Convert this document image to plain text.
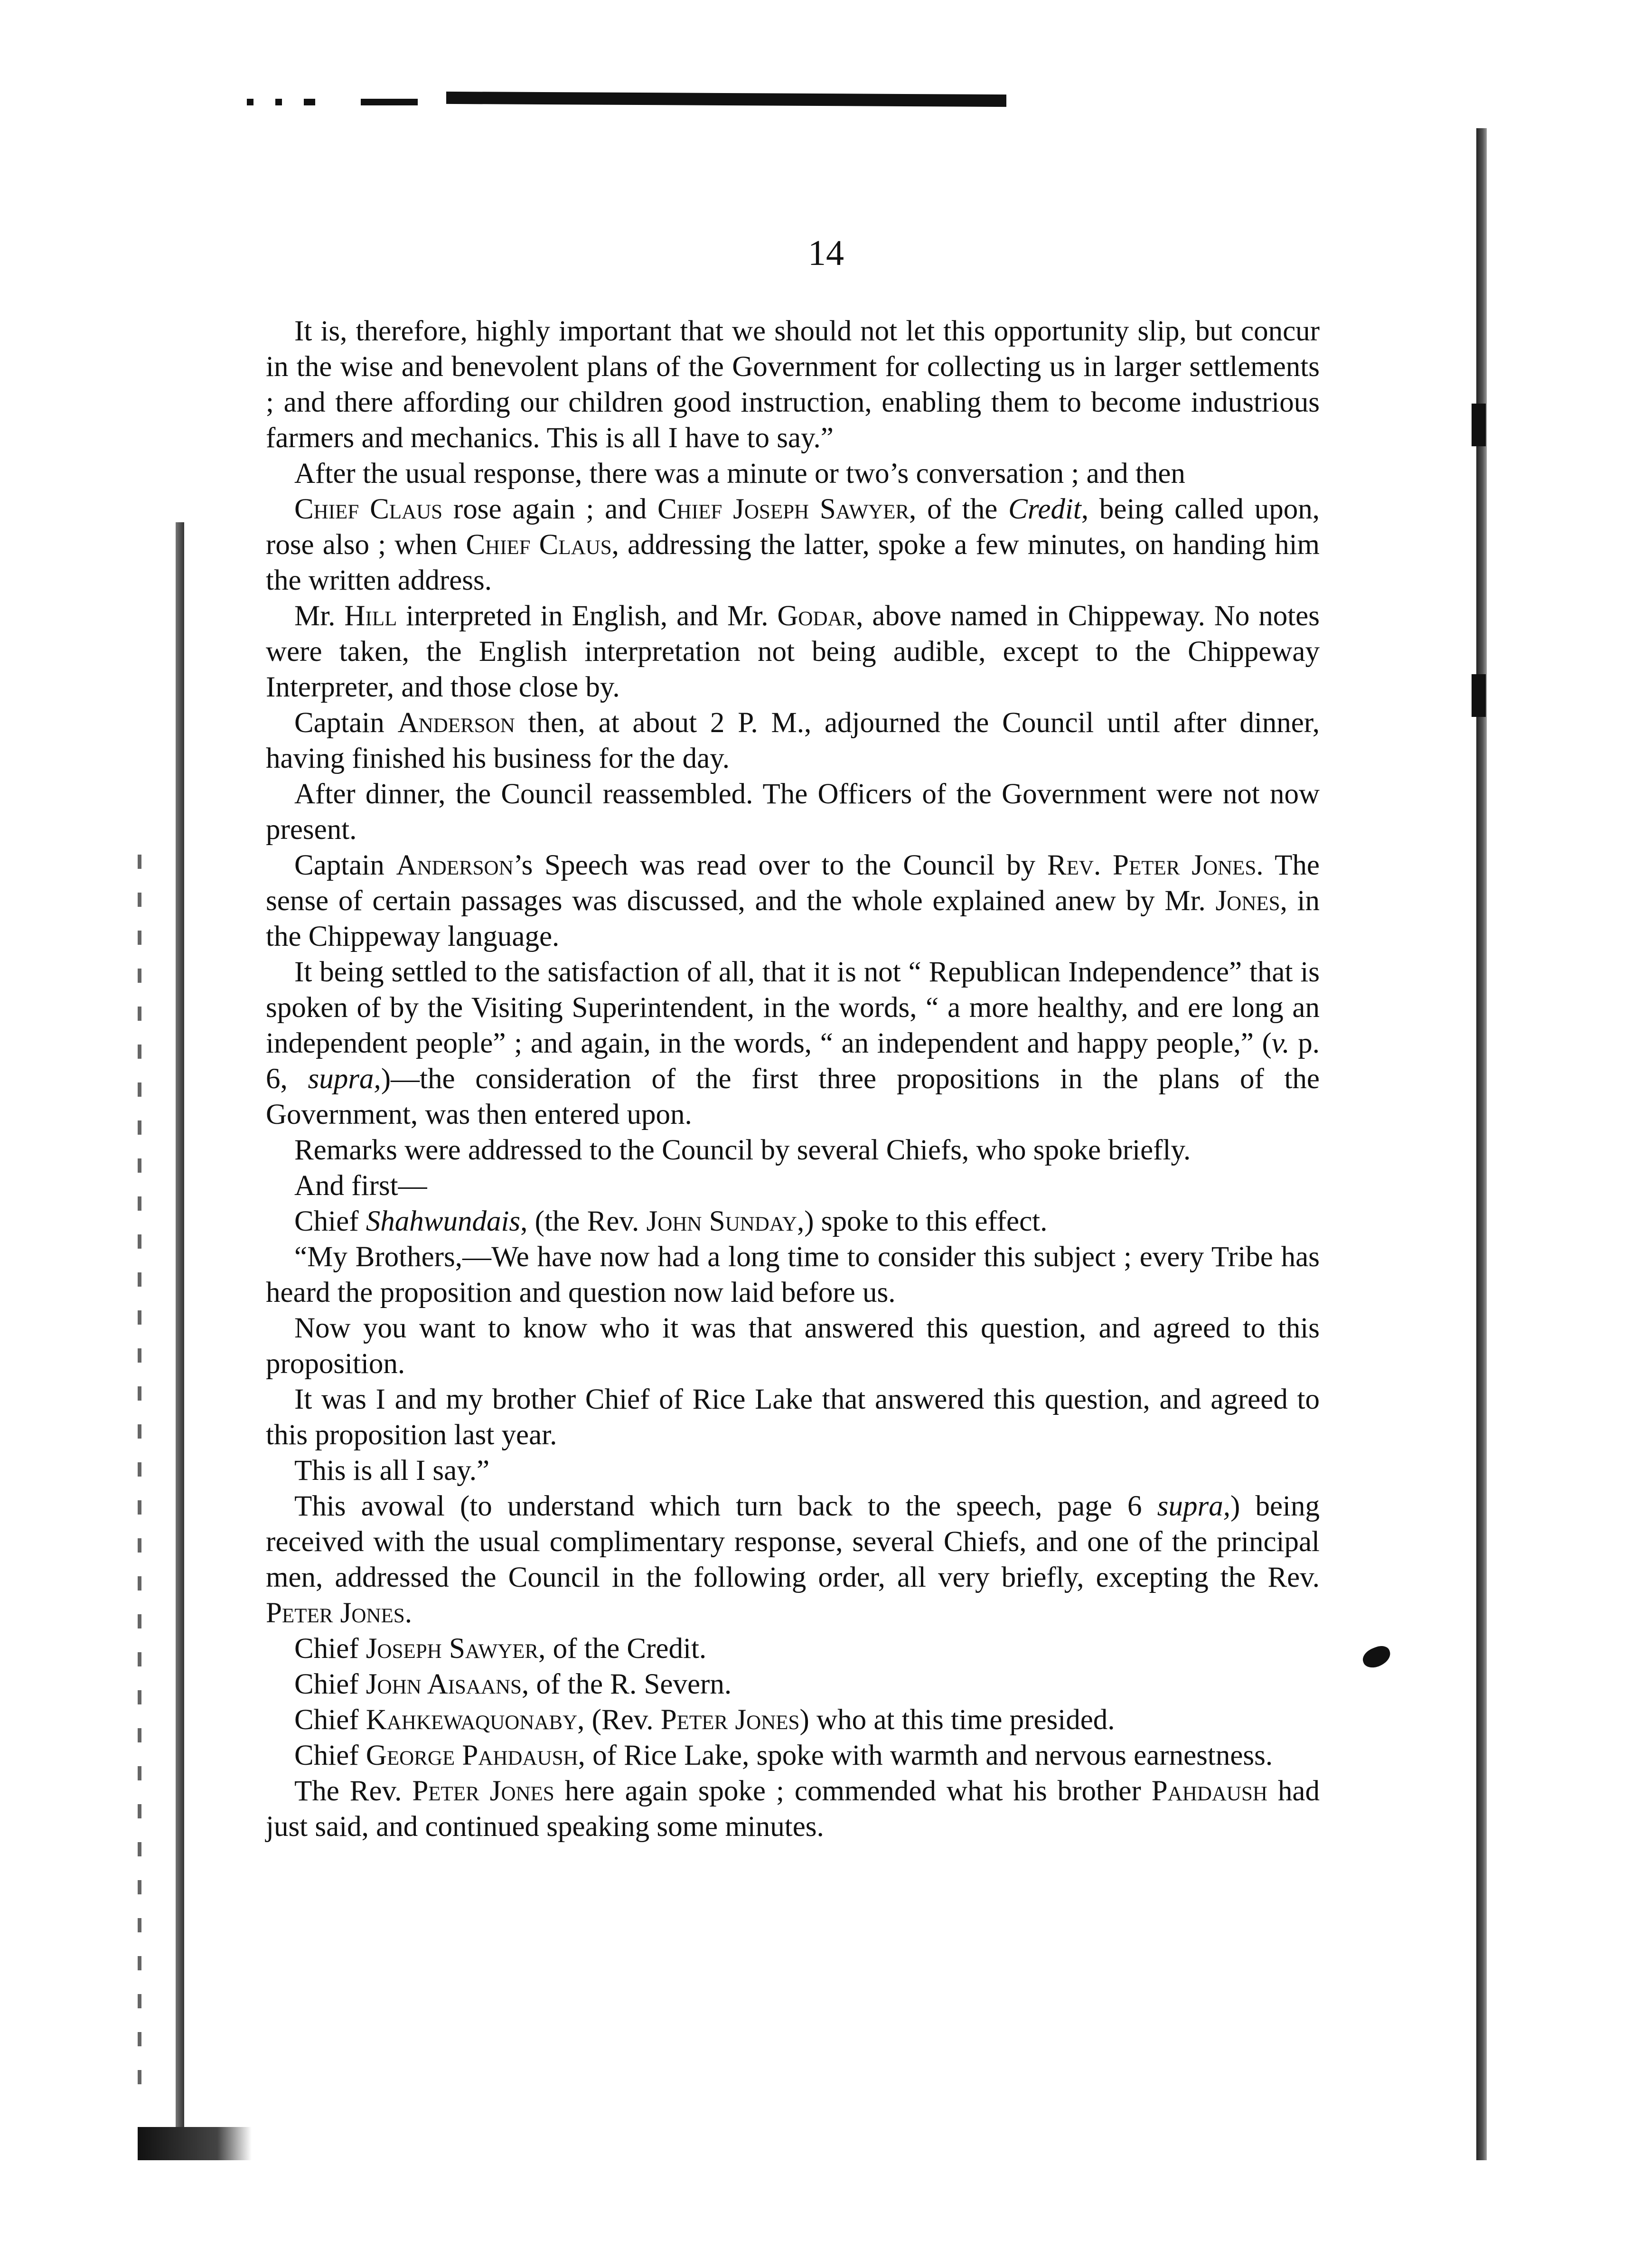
14

It is, therefore, highly important that we should not let this opportunity slip, but concur in the wise and benevolent plans of the Government for collecting us in larger settlements ; and there affording our children good instruction, enabling them to become industrious farmers and mechanics. This is all I have to say.”

After the usual response, there was a minute or two’s conversation ; and then

Chief Claus rose again ; and Chief Joseph Sawyer, of the Credit, being called upon, rose also ; when Chief Claus, addressing the latter, spoke a few minutes, on handing him the written address.

Mr. Hill interpreted in English, and Mr. Godar, above named in Chippeway. No notes were taken, the English interpretation not being audible, except to the Chippeway Interpreter, and those close by.

Captain Anderson then, at about 2 P. M., adjourned the Council until after dinner, having finished his business for the day.

After dinner, the Council reassembled. The Officers of the Government were not now present.

Captain Anderson’s Speech was read over to the Council by Rev. Peter Jones. The sense of certain passages was discussed, and the whole explained anew by Mr. Jones, in the Chippeway language.

It being settled to the satisfaction of all, that it is not “ Republican Independence” that is spoken of by the Visiting Superintendent, in the words, “ a more healthy, and ere long an independent people” ; and again, in the words, “ an independent and happy people,” (v. p. 6, supra,)—the consideration of the first three propositions in the plans of the Government, was then entered upon.

Remarks were addressed to the Council by several Chiefs, who spoke briefly.

And first—

Chief Shahwundais, (the Rev. John Sunday,) spoke to this effect.

“My Brothers,—We have now had a long time to consider this subject ; every Tribe has heard the proposition and question now laid before us.

Now you want to know who it was that answered this question, and agreed to this proposition.

It was I and my brother Chief of Rice Lake that answered this question, and agreed to this proposition last year.

This is all I say.”

This avowal (to understand which turn back to the speech, page 6 supra,) being received with the usual complimentary response, several Chiefs, and one of the principal men, addressed the Council in the following order, all very briefly, excepting the Rev. Peter Jones.

Chief Joseph Sawyer, of the Credit.

Chief John Aisaans, of the R. Severn.

Chief Kahkewaquonaby, (Rev. Peter Jones) who at this time presided.

Chief George Pahdaush, of Rice Lake, spoke with warmth and nervous earnestness.

The Rev. Peter Jones here again spoke ; commended what his brother Pahdaush had just said, and continued speaking some minutes.
